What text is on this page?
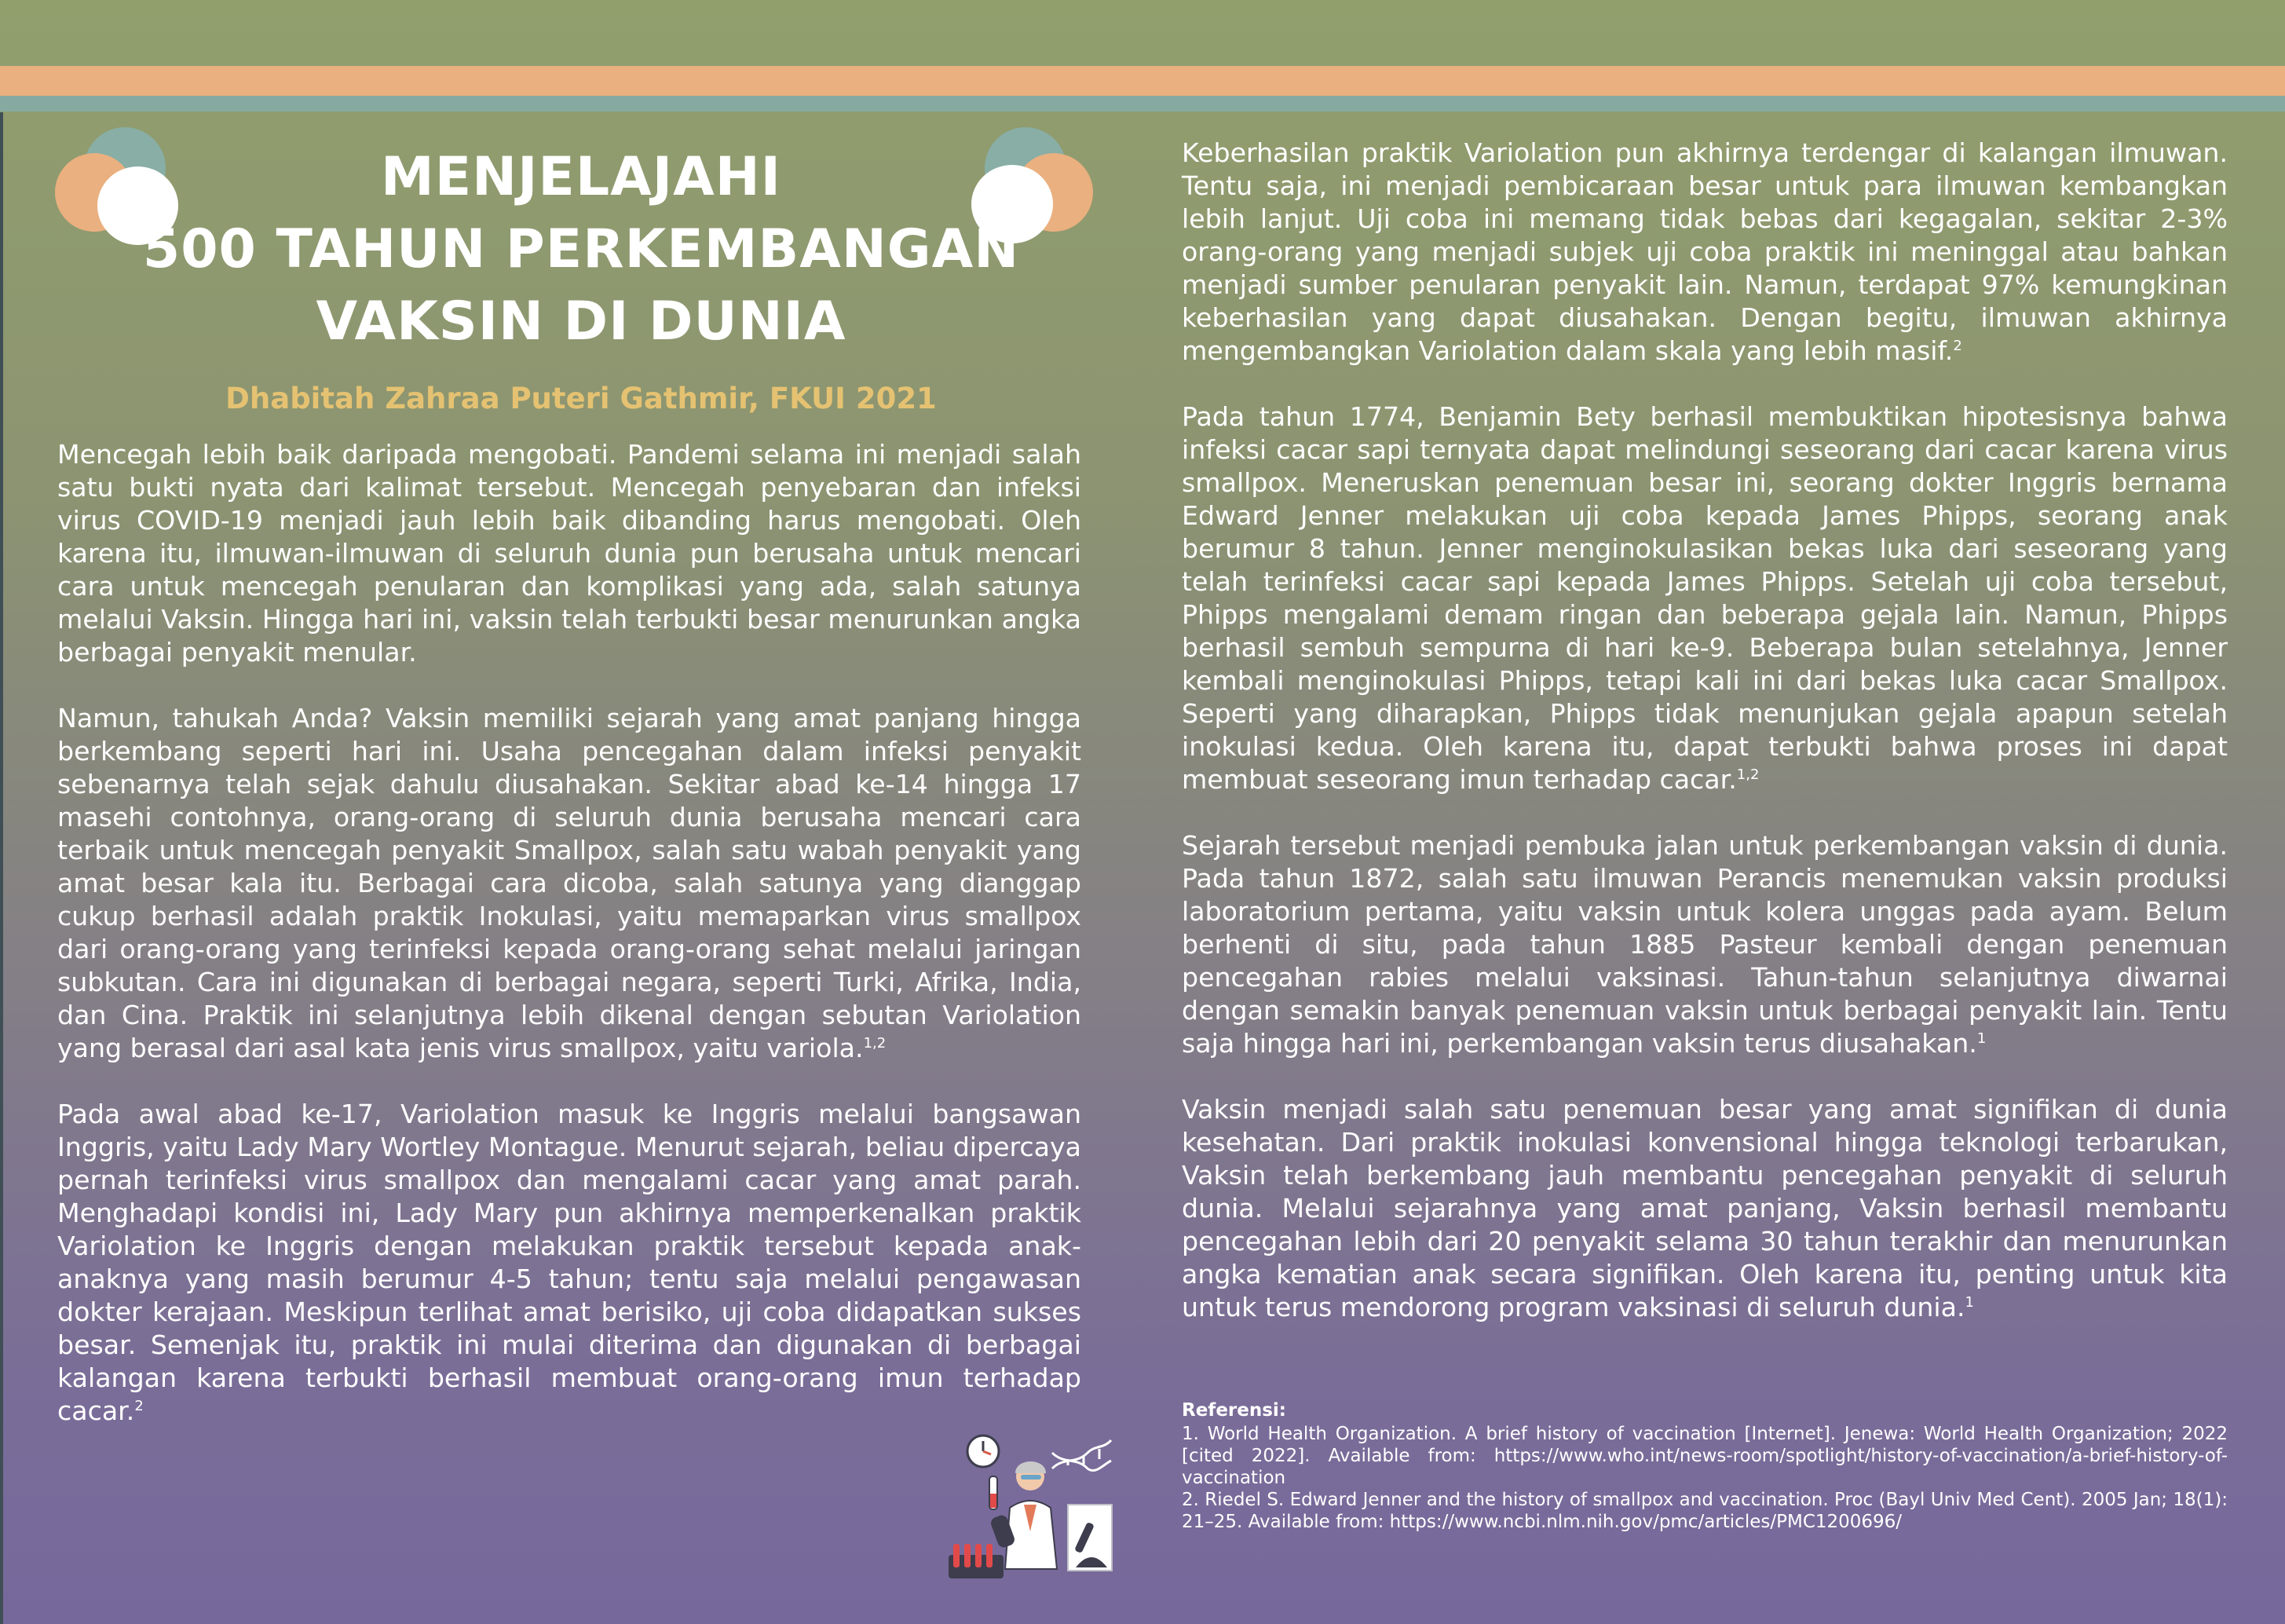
MENJELAJAHI
500 TAHUN PERKEMBANGAN
VAKSIN DI DUNIA
Dhabitah Zahraa Puteri Gathmir, FKUI 2021

Mencegah lebih baik daripada mengobati. Pandemi selama ini menjadi salah satu bukti nyata dari kalimat tersebut. Mencegah penyebaran dan infeksi virus COVID-19 menjadi jauh lebih baik dibanding harus mengobati. Oleh karena itu, ilmuwan-ilmuwan di seluruh dunia pun berusaha untuk mencari cara untuk mencegah penularan dan komplikasi yang ada, salah satunya melalui Vaksin. Hingga hari ini, vaksin telah terbukti besar menurunkan angka berbagai penyakit menular.

Namun, tahukah Anda? Vaksin memiliki sejarah yang amat panjang hingga berkembang seperti hari ini. Usaha pencegahan dalam infeksi penyakit sebenarnya telah sejak dahulu diusahakan. Sekitar abad ke-14 hingga 17 masehi contohnya, orang-orang di seluruh dunia berusaha mencari cara terbaik untuk mencegah penyakit Smallpox, salah satu wabah penyakit yang amat besar kala itu. Berbagai cara dicoba, salah satunya yang dianggap cukup berhasil adalah praktik Inokulasi, yaitu memaparkan virus smallpox dari orang-orang yang terinfeksi kepada orang-orang sehat melalui jaringan subkutan. Cara ini digunakan di berbagai negara, seperti Turki, Afrika, India, dan Cina. Praktik ini selanjutnya lebih dikenal dengan sebutan Variolation yang berasal dari asal kata jenis virus smallpox, yaitu variola.$^{1,2}$

Pada awal abad ke-17, Variolation masuk ke Inggris melalui bangsawan Inggris, yaitu Lady Mary Wortley Montague. Menurut sejarah, beliau dipercaya pernah terinfeksi virus smallpox dan mengalami cacar yang amat parah. Menghadapi kondisi ini, Lady Mary pun akhirnya memperkenalkan praktik Variolation ke Inggris dengan melakukan praktik tersebut kepada anak-anaknya yang masih berumur 4-5 tahun; tentu saja melalui pengawasan dokter kerajaan. Meskipun terlihat amat berisiko, uji coba didapatkan sukses besar. Semenjak itu, praktik ini mulai diterima dan digunakan di berbagai kalangan karena terbukti berhasil membuat orang-orang imun terhadap cacar.$^2$

Keberhasilan praktik Variolation pun akhirnya terdengar di kalangan ilmuwan. Tentu saja, ini menjadi pembicaraan besar untuk para ilmuwan kembangkan lebih lanjut. Uji coba ini memang tidak bebas dari kegagalan, sekitar 2-3% orang-orang yang menjadi subjek uji coba praktik ini meninggal atau bahkan menjadi sumber penularan penyakit lain. Namun, terdapat 97% kemungkinan keberhasilan yang dapat diusahakan. Dengan begitu, ilmuwan akhirnya mengembangkan Variolation dalam skala yang lebih masif.$^2$

Pada tahun 1774, Benjamin Bety berhasil membuktikan hipotesisnya bahwa infeksi cacar sapi ternyata dapat melindungi seseorang dari cacar karena virus smallpox. Meneruskan penemuan besar ini, seorang dokter Inggris bernama Edward Jenner melakukan uji coba kepada James Phipps, seorang anak berumur 8 tahun. Jenner menginokulasikan bekas luka dari seseorang yang telah terinfeksi cacar sapi kepada James Phipps. Setelah uji coba tersebut, Phipps mengalami demam ringan dan beberapa gejala lain. Namun, Phipps berhasil sembuh sempurna di hari ke-9. Beberapa bulan setelahnya, Jenner kembali menginokulasi Phipps, tetapi kali ini dari bekas luka cacar Smallpox. Seperti yang diharapkan, Phipps tidak menunjukan gejala apapun setelah inokulasi kedua. Oleh karena itu, dapat terbukti bahwa proses ini dapat membuat seseorang imun terhadap cacar.$^{1,2}$

Sejarah tersebut menjadi pembuka jalan untuk perkembangan vaksin di dunia. Pada tahun 1872, salah satu ilmuwan Perancis menemukan vaksin produksi laboratorium pertama, yaitu vaksin untuk kolera unggas pada ayam. Belum berhenti di situ, pada tahun 1885 Pasteur kembali dengan penemuan pencegahan rabies melalui vaksinasi. Tahun-tahun selanjutnya diwarnai dengan semakin banyak penemuan vaksin untuk berbagai penyakit lain. Tentu saja hingga hari ini, perkembangan vaksin terus diusahakan.$^1$

Vaksin menjadi salah satu penemuan besar yang amat signifikan di dunia kesehatan. Dari praktik inokulasi konvensional hingga teknologi terbarukan, Vaksin telah berkembang jauh membantu pencegahan penyakit di seluruh dunia. Melalui sejarahnya yang amat panjang, Vaksin berhasil membantu pencegahan lebih dari 20 penyakit selama 30 tahun terakhir dan menurunkan angka kematian anak secara signifikan. Oleh karena itu, penting untuk kita untuk terus mendorong program vaksinasi di seluruh dunia.$^1$

Referensi:

1. World Health Organization. A brief history of vaccination [Internet]. Jenewa: World Health Organization; 2022 [cited 2022]. Available from: https://www.who.int/news-room/spotlight/history-of-vaccination/a-brief-history-of-vaccination

2. Riedel S. Edward Jenner and the history of smallpox and vaccination. Proc (Bayl Univ Med Cent). 2005 Jan; 18(1): 21–25. Available from: https://www.ncbi.nlm.nih.gov/pmc/articles/PMC1200696/
